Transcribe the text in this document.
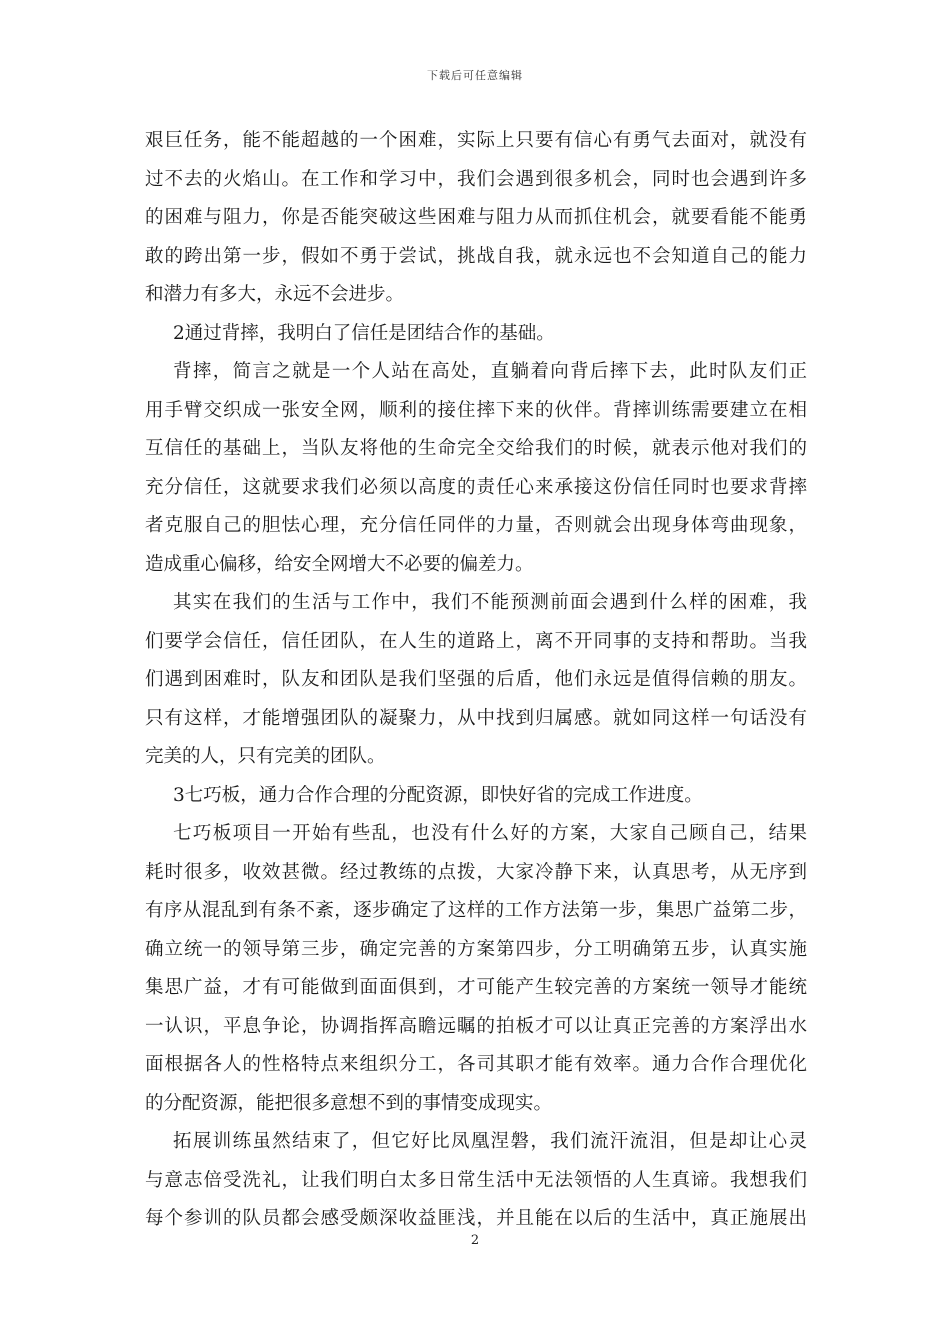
下载后可任意编辑
艰巨任务，能不能超越的一个困难，实际上只要有信心有勇气去面对，就没有
过不去的火焰山。在工作和学习中，我们会遇到很多机会，同时也会遇到许多
的困难与阻力，你是否能突破这些困难与阻力从而抓住机会，就要看能不能勇
敢的跨出第一步，假如不勇于尝试，挑战自我，就永远也不会知道自己的能力
和潜力有多大，永远不会进步。
2通过背摔，我明白了信任是团结合作的基础。
背摔，简言之就是一个人站在高处，直躺着向背后摔下去，此时队友们正
用手臂交织成一张安全网，顺利的接住摔下来的伙伴。背摔训练需要建立在相
互信任的基础上，当队友将他的生命完全交给我们的时候，就表示他对我们的
充分信任，这就要求我们必须以高度的责任心来承接这份信任同时也要求背摔
者克服自己的胆怯心理，充分信任同伴的力量，否则就会出现身体弯曲现象，
造成重心偏移，给安全网增大不必要的偏差力。
其实在我们的生活与工作中，我们不能预测前面会遇到什么样的困难，我
们要学会信任，信任团队，在人生的道路上，离不开同事的支持和帮助。当我
们遇到困难时，队友和团队是我们坚强的后盾，他们永远是值得信赖的朋友。
只有这样，才能增强团队的凝聚力，从中找到归属感。就如同这样一句话没有
完美的人，只有完美的团队。
3七巧板，通力合作合理的分配资源，即快好省的完成工作进度。
七巧板项目一开始有些乱，也没有什么好的方案，大家自己顾自己，结果
耗时很多，收效甚微。经过教练的点拨，大家冷静下来，认真思考，从无序到
有序从混乱到有条不紊，逐步确定了这样的工作方法第一步，集思广益第二步，
确立统一的领导第三步，确定完善的方案第四步，分工明确第五步，认真实施
集思广益，才有可能做到面面俱到，才可能产生较完善的方案统一领导才能统
一认识，平息争论，协调指挥高瞻远瞩的拍板才可以让真正完善的方案浮出水
面根据各人的性格特点来组织分工，各司其职才能有效率。通力合作合理优化
的分配资源，能把很多意想不到的事情变成现实。
拓展训练虽然结束了，但它好比凤凰涅磐，我们流汗流泪，但是却让心灵
与意志倍受洗礼，让我们明白太多日常生活中无法领悟的人生真谛。我想我们
每个参训的队员都会感受颇深收益匪浅，并且能在以后的生活中，真正施展出
2
